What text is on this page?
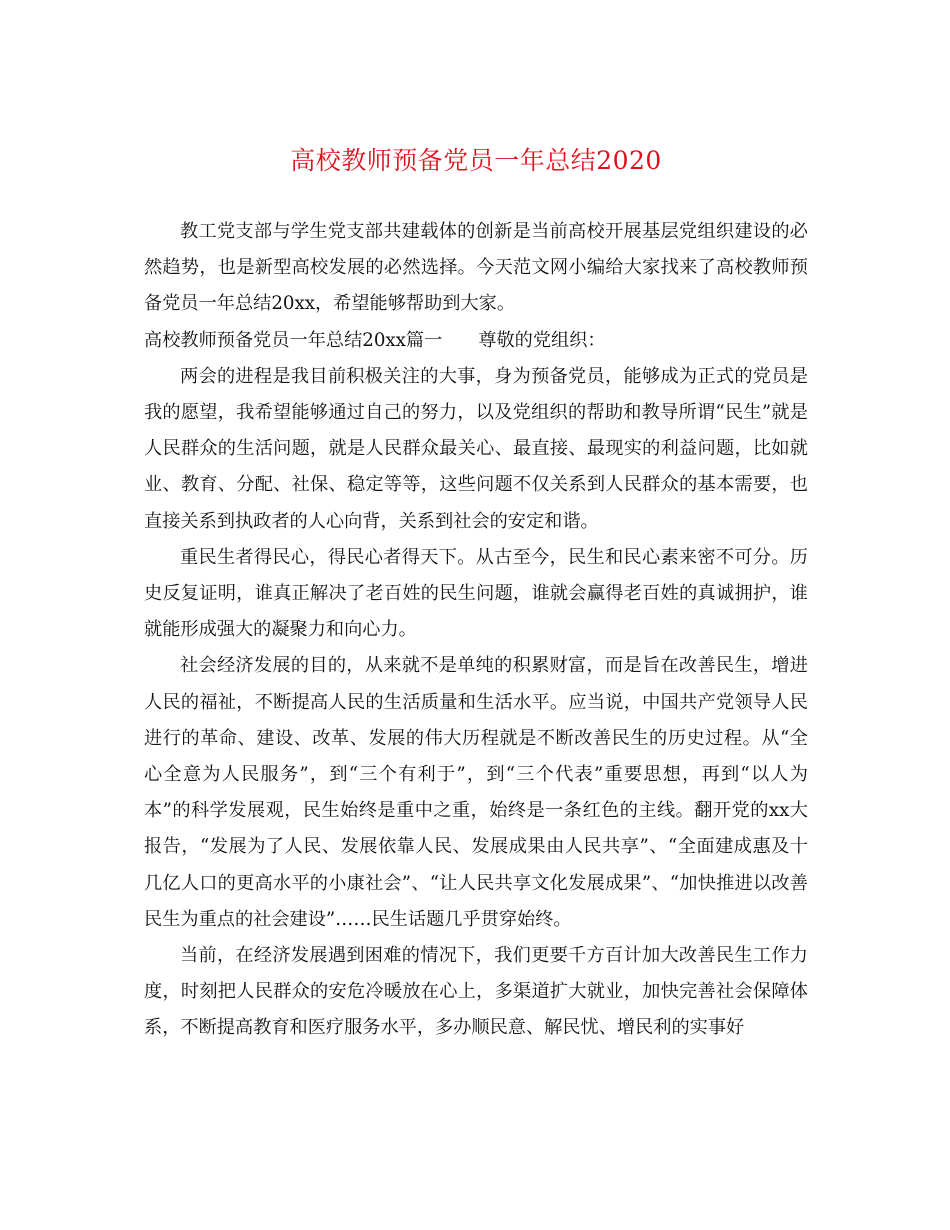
高校教师预备党员一年总结2020

教工党支部与学生党支部共建载体的创新是当前高校开展基层党组织建设的必然趋势，也是新型高校发展的必然选择。今天范文网小编给大家找来了高校教师预备党员一年总结20xx，希望能够帮助到大家。

高校教师预备党员一年总结20xx篇一 尊敬的党组织：

两会的进程是我目前积极关注的大事，身为预备党员，能够成为正式的党员是我的愿望，我希望能够通过自己的努力，以及党组织的帮助和教导所谓“民生”就是人民群众的生活问题，就是人民群众最关心、最直接、最现实的利益问题，比如就业、教育、分配、社保、稳定等等，这些问题不仅关系到人民群众的基本需要，也直接关系到执政者的人心向背，关系到社会的安定和谐。

重民生者得民心，得民心者得天下。从古至今，民生和民心素来密不可分。历史反复证明，谁真正解决了老百姓的民生问题，谁就会赢得老百姓的真诚拥护，谁就能形成强大的凝聚力和向心力。

社会经济发展的目的，从来就不是单纯的积累财富，而是旨在改善民生，增进人民的福祉，不断提高人民的生活质量和生活水平。应当说，中国共产党领导人民进行的革命、建设、改革、发展的伟大历程就是不断改善民生的历史过程。从“全心全意为人民服务”，到“三个有利于”，到“三个代表”重要思想，再到“以人为本”的科学发展观，民生始终是重中之重，始终是一条红色的主线。翻开党的xx大报告，“发展为了人民、发展依靠人民、发展成果由人民共享”、“全面建成惠及十几亿人口的更高水平的小康社会”、“让人民共享文化发展成果”、“加快推进以改善民生为重点的社会建设”……民生话题几乎贯穿始终。

当前，在经济发展遇到困难的情况下，我们更要千方百计加大改善民生工作力度，时刻把人民群众的安危冷暖放在心上，多渠道扩大就业，加快完善社会保障体系，不断提高教育和医疗服务水平，多办顺民意、解民忧、增民利的实事好
